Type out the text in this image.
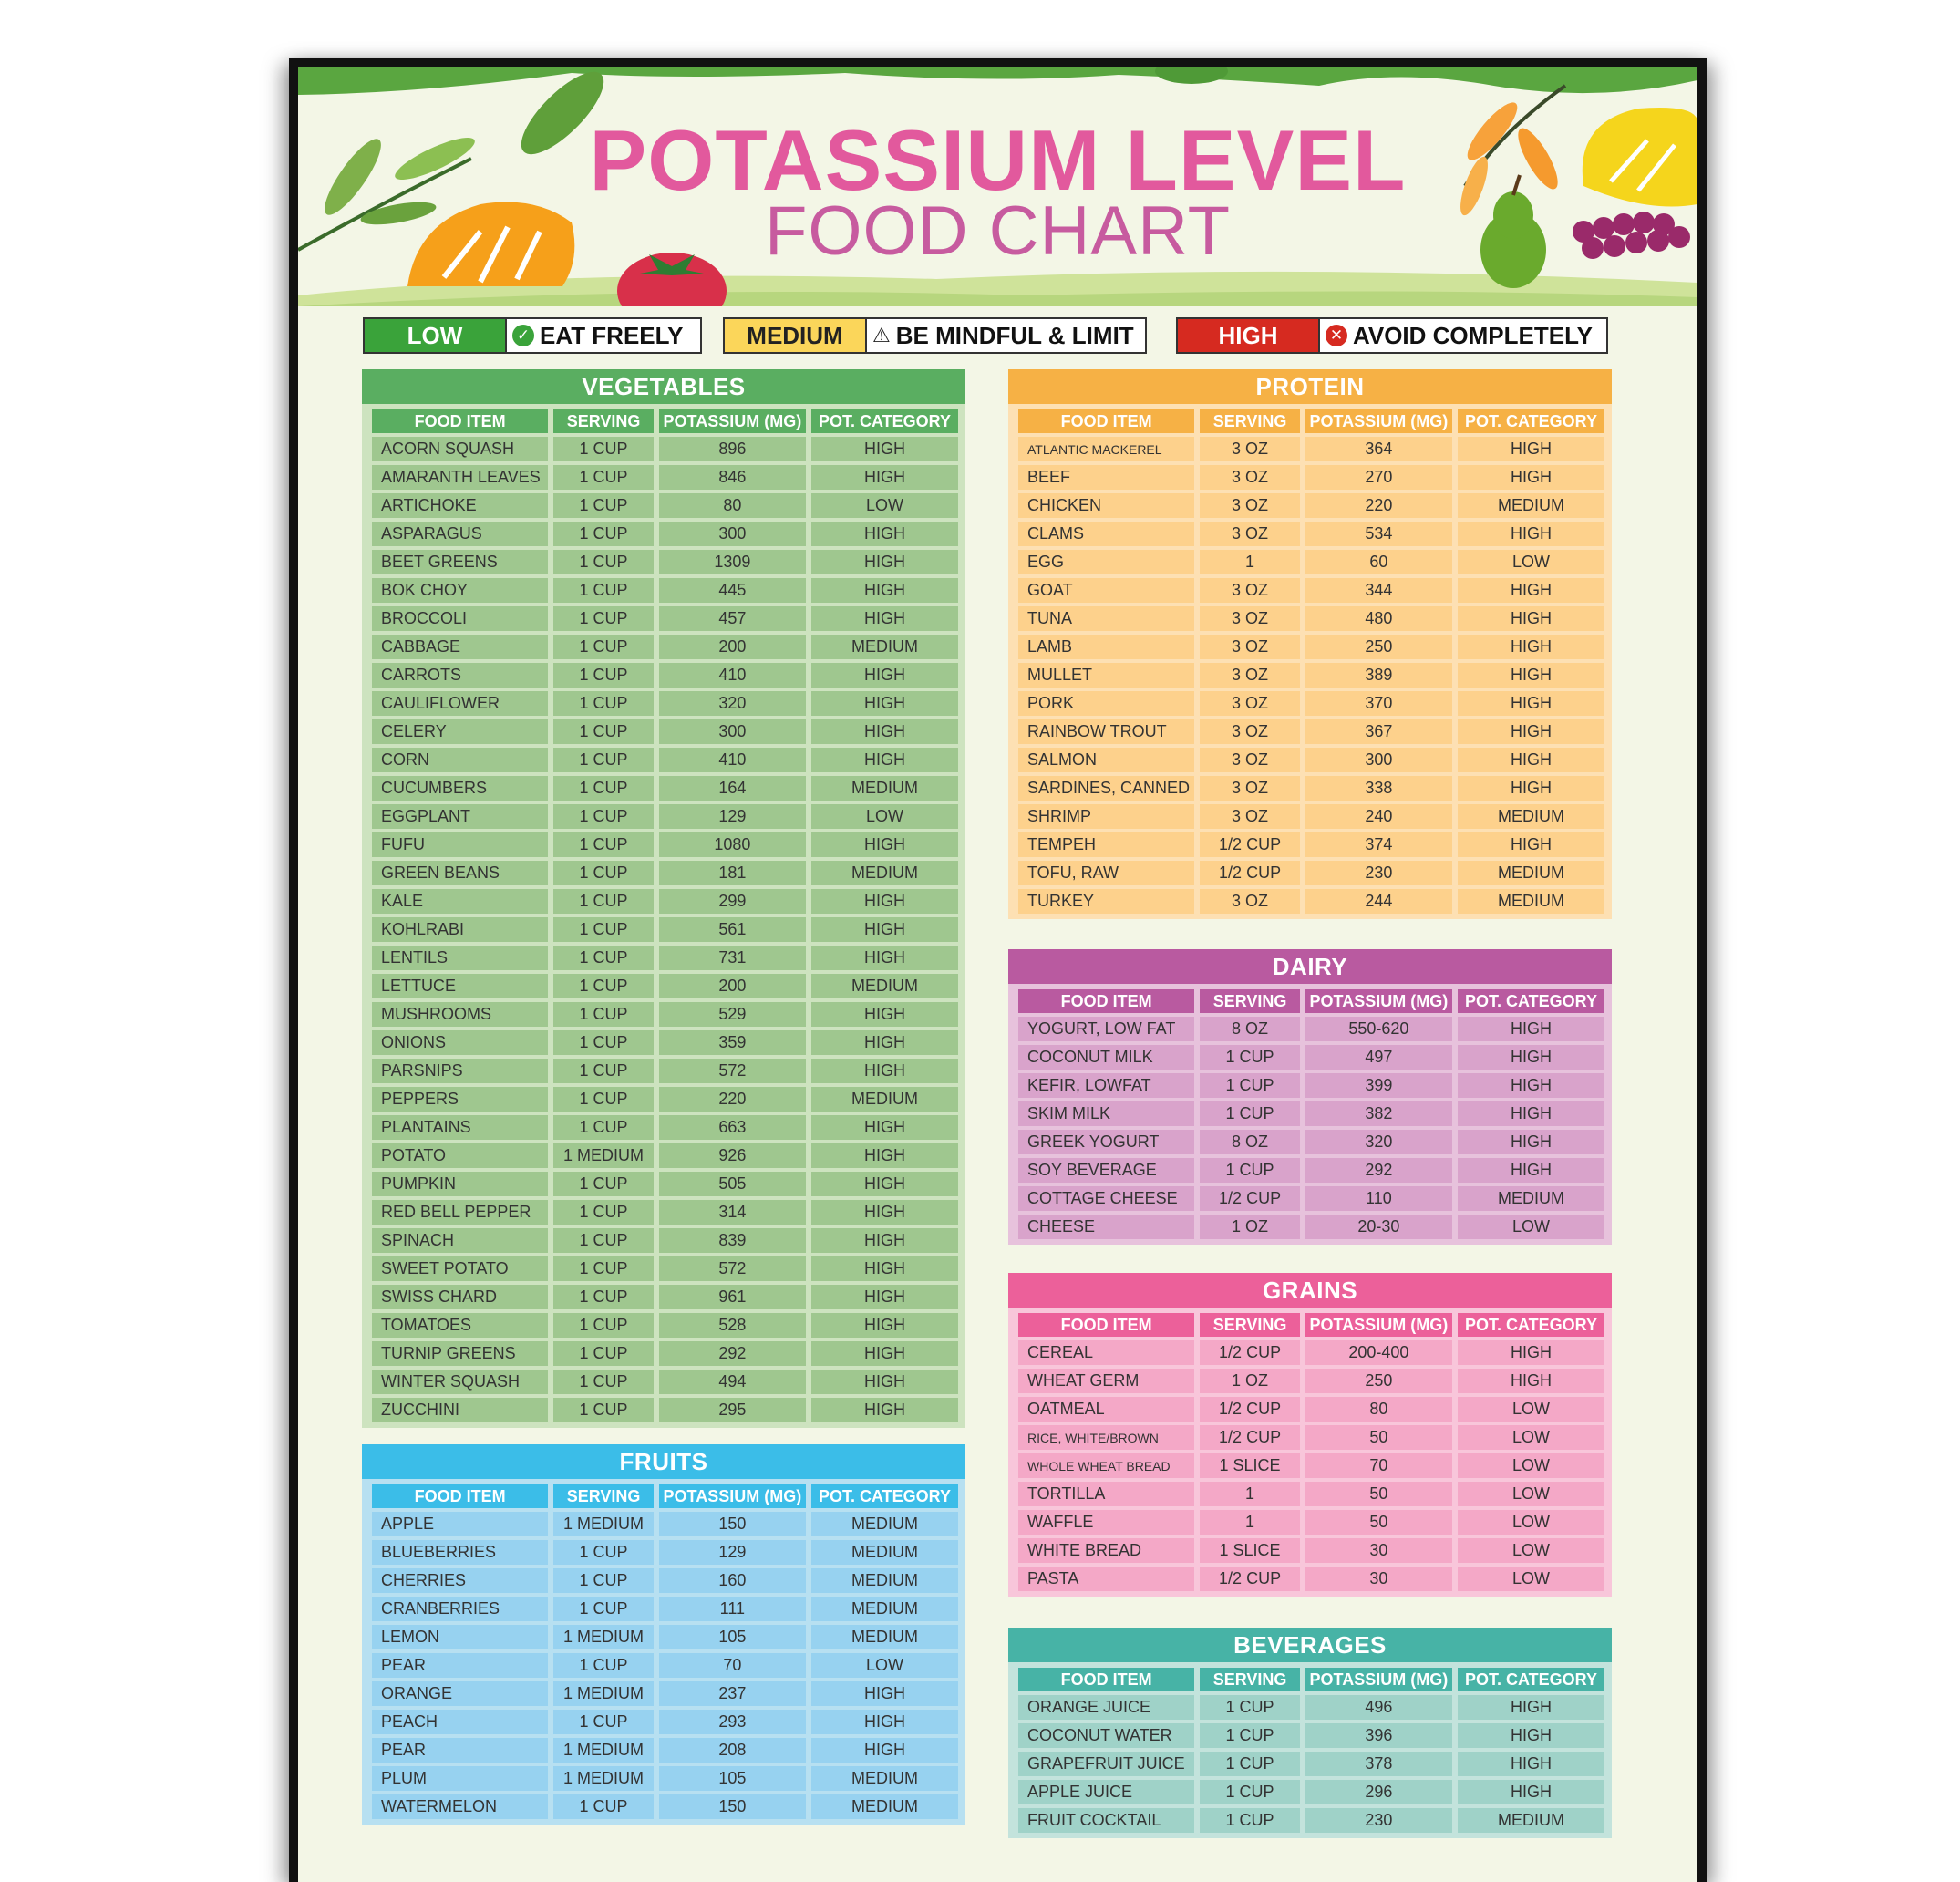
POTASSIUM LEVEL
FOOD CHART
LOW	✓ EAT FREELY	MEDIUM	⚠ BE MINDFUL & LIMIT	HIGH	✕ AVOID COMPLETELY
VEGETABLES
FOOD ITEM	SERVING	POTASSIUM (MG)	POT. CATEGORY
ACORN SQUASH	1 CUP	896	HIGH
AMARANTH LEAVES	1 CUP	846	HIGH
ARTICHOKE	1 CUP	80	LOW
ASPARAGUS	1 CUP	300	HIGH
BEET GREENS	1 CUP	1309	HIGH
BOK CHOY	1 CUP	445	HIGH
BROCCOLI	1 CUP	457	HIGH
CABBAGE	1 CUP	200	MEDIUM
CARROTS	1 CUP	410	HIGH
CAULIFLOWER	1 CUP	320	HIGH
CELERY	1 CUP	300	HIGH
CORN	1 CUP	410	HIGH
CUCUMBERS	1 CUP	164	MEDIUM
EGGPLANT	1 CUP	129	LOW
FUFU	1 CUP	1080	HIGH
GREEN BEANS	1 CUP	181	MEDIUM
KALE	1 CUP	299	HIGH
KOHLRABI	1 CUP	561	HIGH
LENTILS	1 CUP	731	HIGH
LETTUCE	1 CUP	200	MEDIUM
MUSHROOMS	1 CUP	529	HIGH
ONIONS	1 CUP	359	HIGH
PARSNIPS	1 CUP	572	HIGH
PEPPERS	1 CUP	220	MEDIUM
PLANTAINS	1 CUP	663	HIGH
POTATO	1 MEDIUM	926	HIGH
PUMPKIN	1 CUP	505	HIGH
RED BELL PEPPER	1 CUP	314	HIGH
SPINACH	1 CUP	839	HIGH
SWEET POTATO	1 CUP	572	HIGH
SWISS CHARD	1 CUP	961	HIGH
TOMATOES	1 CUP	528	HIGH
TURNIP GREENS	1 CUP	292	HIGH
WINTER SQUASH	1 CUP	494	HIGH
ZUCCHINI	1 CUP	295	HIGH
FRUITS
FOOD ITEM	SERVING	POTASSIUM (MG)	POT. CATEGORY
APPLE	1 MEDIUM	150	MEDIUM
BLUEBERRIES	1 CUP	129	MEDIUM
CHERRIES	1 CUP	160	MEDIUM
CRANBERRIES	1 CUP	111	MEDIUM
LEMON	1 MEDIUM	105	MEDIUM
PEAR	1 CUP	70	LOW
ORANGE	1 MEDIUM	237	HIGH
PEACH	1 CUP	293	HIGH
PEAR	1 MEDIUM	208	HIGH
PLUM	1 MEDIUM	105	MEDIUM
WATERMELON	1 CUP	150	MEDIUM
PROTEIN
FOOD ITEM	SERVING	POTASSIUM (MG)	POT. CATEGORY
ATLANTIC MACKEREL	3 OZ	364	HIGH
BEEF	3 OZ	270	HIGH
CHICKEN	3 OZ	220	MEDIUM
CLAMS	3 OZ	534	HIGH
EGG	1	60	LOW
GOAT	3 OZ	344	HIGH
TUNA	3 OZ	480	HIGH
LAMB	3 OZ	250	HIGH
MULLET	3 OZ	389	HIGH
PORK	3 OZ	370	HIGH
RAINBOW TROUT	3 OZ	367	HIGH
SALMON	3 OZ	300	HIGH
SARDINES, CANNED	3 OZ	338	HIGH
SHRIMP	3 OZ	240	MEDIUM
TEMPEH	1/2 CUP	374	HIGH
TOFU, RAW	1/2 CUP	230	MEDIUM
TURKEY	3 OZ	244	MEDIUM
DAIRY
FOOD ITEM	SERVING	POTASSIUM (MG)	POT. CATEGORY
YOGURT, LOW FAT	8 OZ	550-620	HIGH
COCONUT MILK	1 CUP	497	HIGH
KEFIR, LOWFAT	1 CUP	399	HIGH
SKIM MILK	1 CUP	382	HIGH
GREEK YOGURT	8 OZ	320	HIGH
SOY BEVERAGE	1 CUP	292	HIGH
COTTAGE CHEESE	1/2 CUP	110	MEDIUM
CHEESE	1 OZ	20-30	LOW
GRAINS
FOOD ITEM	SERVING	POTASSIUM (MG)	POT. CATEGORY
CEREAL	1/2 CUP	200-400	HIGH
WHEAT GERM	1 OZ	250	HIGH
OATMEAL	1/2 CUP	80	LOW
RICE, WHITE/BROWN	1/2 CUP	50	LOW
WHOLE WHEAT BREAD	1 SLICE	70	LOW
TORTILLA	1	50	LOW
WAFFLE	1	50	LOW
WHITE BREAD	1 SLICE	30	LOW
PASTA	1/2 CUP	30	LOW
BEVERAGES
FOOD ITEM	SERVING	POTASSIUM (MG)	POT. CATEGORY
ORANGE JUICE	1 CUP	496	HIGH
COCONUT WATER	1 CUP	396	HIGH
GRAPEFRUIT JUICE	1 CUP	378	HIGH
APPLE JUICE	1 CUP	296	HIGH
FRUIT COCKTAIL	1 CUP	230	MEDIUM
